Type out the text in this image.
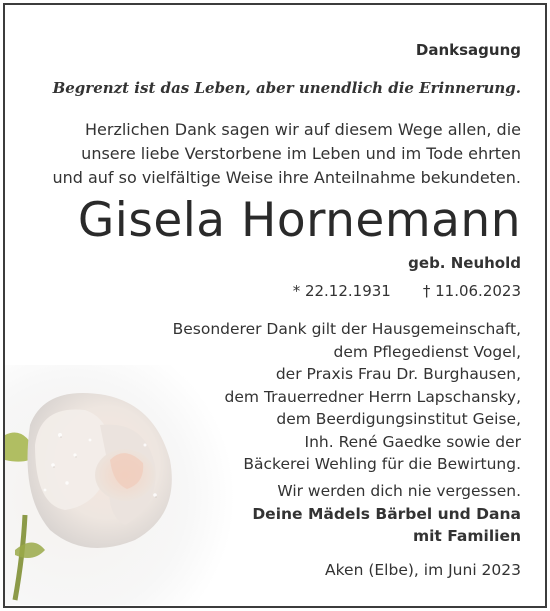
Danksagung
Begrenzt ist das Leben, aber unendlich die Erinnerung.
Herzlichen Dank sagen wir auf diesem Wege allen, die
unsere liebe Verstorbene im Leben und im Tode ehrten
und auf so vielfältige Weise ihre Anteilnahme bekundeten.
Gisela Hornemann
geb. Neuhold
* 22.12.1931 † 11.06.2023
Besonderer Dank gilt der Hausgemeinschaft,
dem Pflegedienst Vogel,
der Praxis Frau Dr. Burghausen,
dem Trauerredner Herrn Lapschansky,
dem Beerdigungsinstitut Geise,
Inh. René Gaedke sowie der
Bäckerei Wehling für die Bewirtung.
Wir werden dich nie vergessen.
Deine Mädels Bärbel und Dana
mit Familien
Aken (Elbe), im Juni 2023
